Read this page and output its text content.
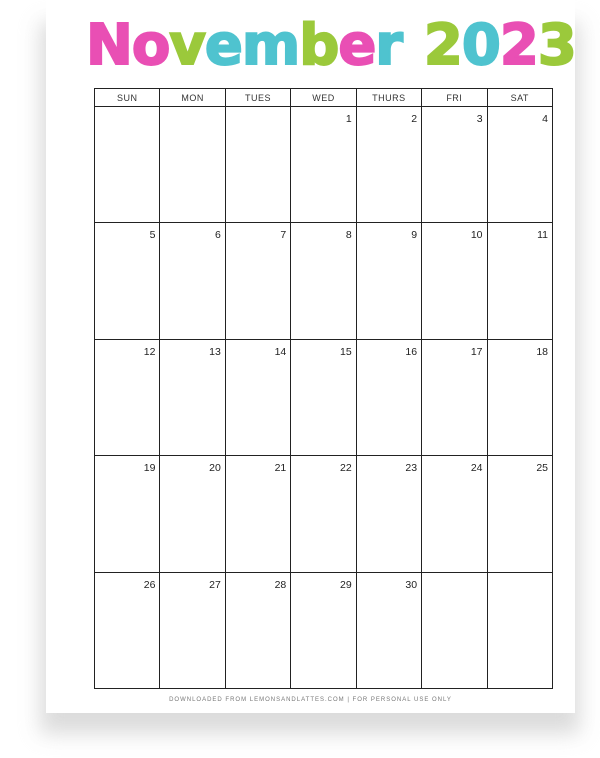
November 2023
SUN	MON	TUES	WED	THURS	FRI	SAT

			1	2	3	4

5	6	7	8	9	10	11

12	13	14	15	16	17	18

19	20	21	22	23	24	25

26	27	28	29	30		

DOWNLOADED FROM LEMONSANDLATTES.COM | FOR PERSONAL USE ONLY
